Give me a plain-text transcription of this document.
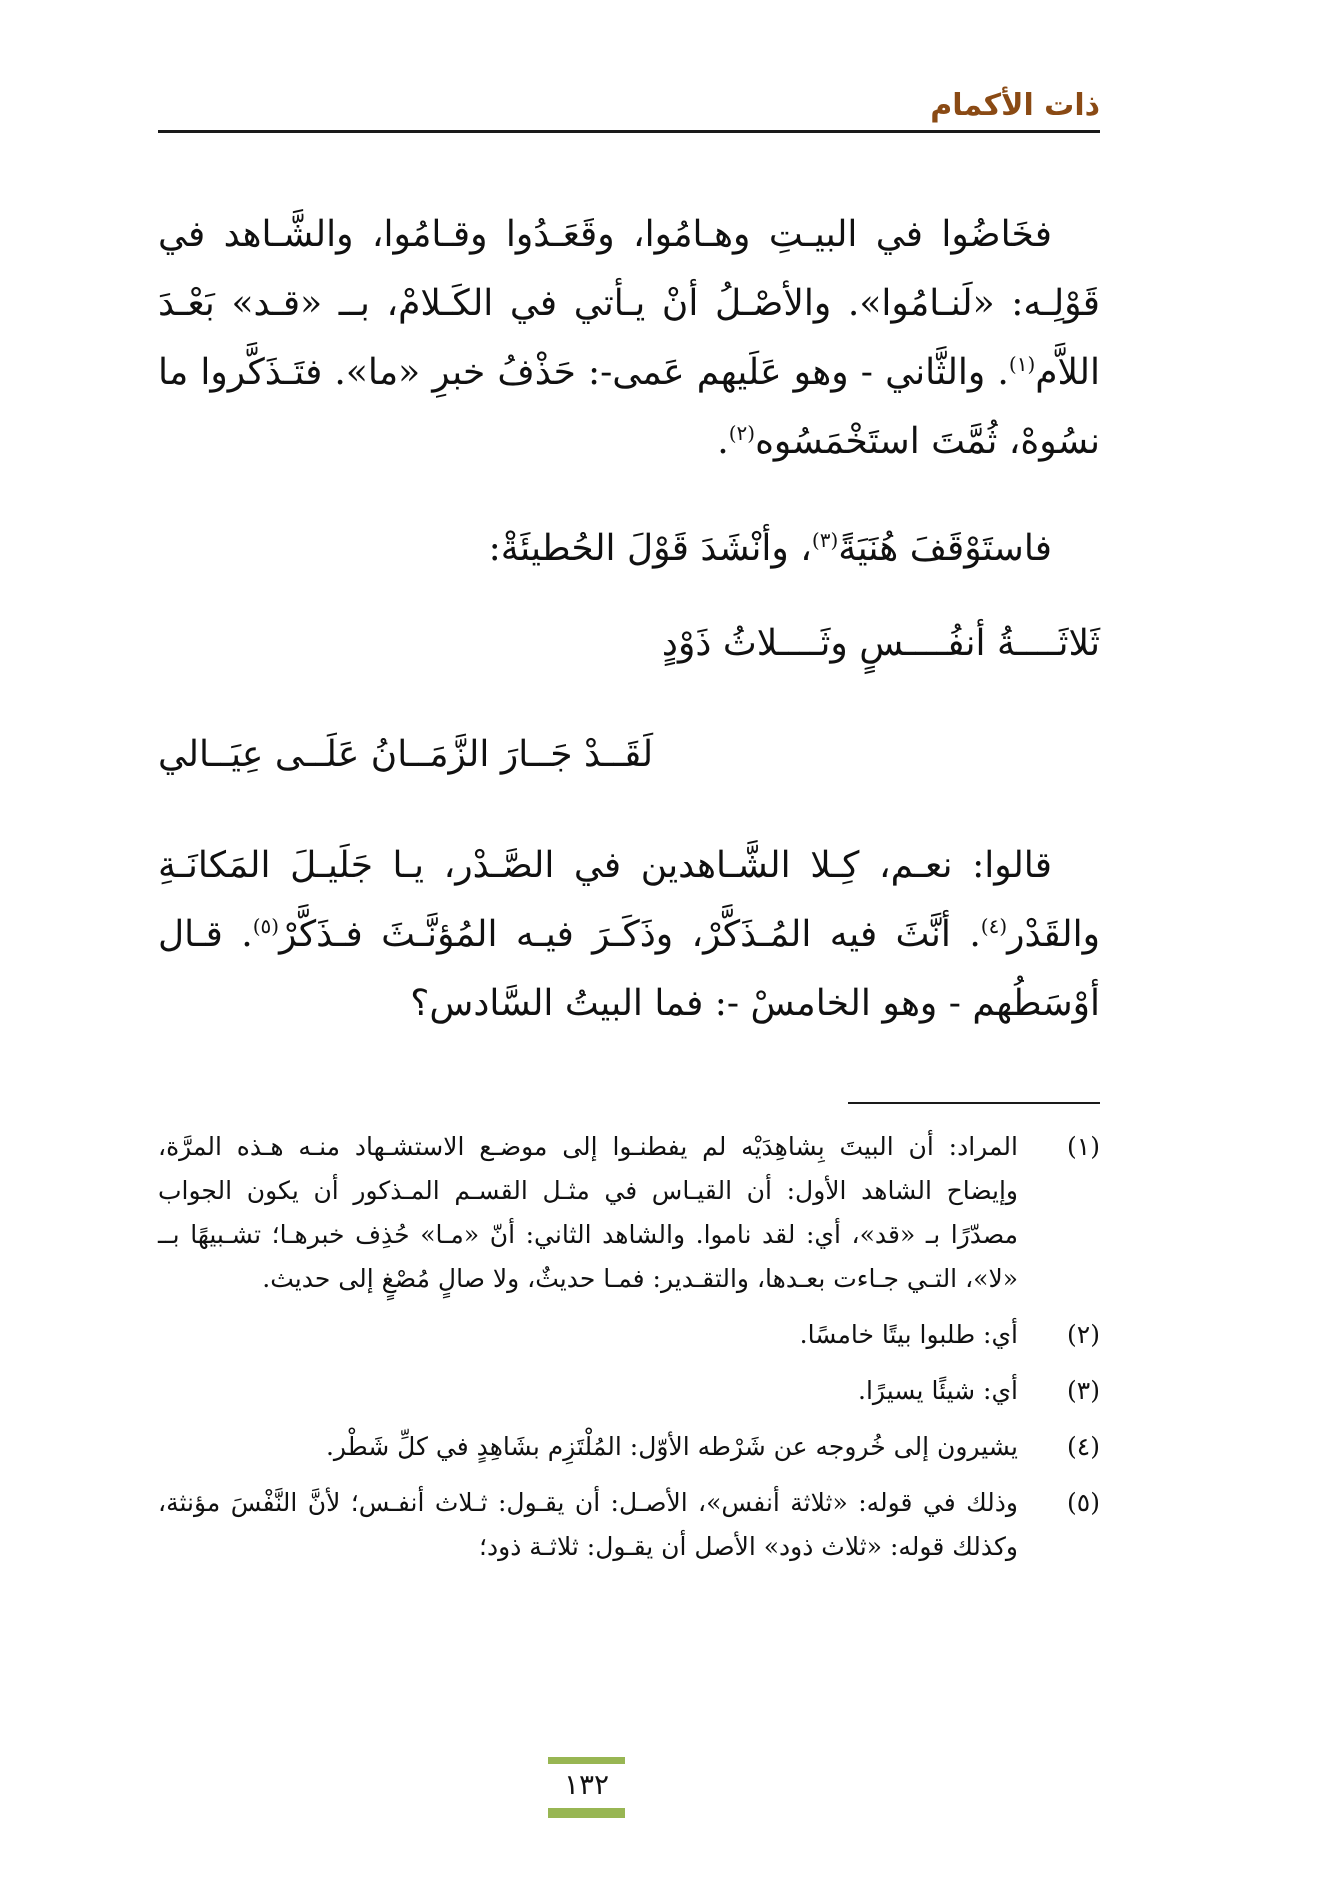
ذات الأكمام

فخَاضُوا في البيـتِ وهـامُوا، وقَعَـدُوا وقـامُوا، والشَّـاهد في قَوْلِـه: «لَنـامُوا». والأصْـلُ أنْ يـأتي في الكَـلامْ، بــ «قـد» بَعْـدَ اللاَّم$^{(١)}$. والثَّاني - وهو عَلَيهم عَمى-: حَذْفُ خبرِ «ما». فتَـذَكَّروا ما نسُوهْ، ثُمَّتَ استَخْمَسُوه$^{(٢)}$.

فاستَوْقَفَ هُنَيَةً$^{(٣)}$، وأنْشَدَ قَوْلَ الحُطيئَةْ:

ثَلاثَــــةُ أنفُــــسٍ وثَــــلاثُ ذَوْدٍ

لَقَــدْ جَــارَ الزَّمَــانُ عَلَــى عِيَــالي

قالوا: نعـم، كِـلا الشَّـاهدين في الصَّـدْر، يـا جَلَيـلَ المَكانَـةِ والقَدْر$^{(٤)}$. أنَّثَ فيه المُـذَكَّرْ، وذَكَـرَ فيـه المُؤنَّـثَ فـذَكَّرْ$^{(٥)}$. قـال أوْسَطُهم - وهو الخامسْ -: فما البيتُ السَّادس؟

(١)
المراد: أن البيتَ بِشاهِدَيْه لم يفطنـوا إلى موضـع الاستشـهاد منـه هـذه المرَّة، وإيضاح الشاهد الأول: أن القيـاس في مثـل القسـم المـذكور أن يكون الجواب مصدّرًا بـ «قد»، أي: لقد ناموا. والشاهد الثاني: أنّ «مـا» حُذِف خبرهـا؛ تشـبيهًا بــ «لا»، التـي جـاءت بعـدها، والتقـدير: فمـا حديثٌ، ولا صالٍ مُصْغٍ إلى حديث.
(٢)
أي: طلبوا بيتًا خامسًا.
(٣)
أي: شيئًا يسيرًا.
(٤)
يشيرون إلى خُروجه عن شَرْطه الأوّل: المُلْتَزِم بشَاهِدٍ في كلِّ شَطْر.
(٥)
وذلك في قوله: «ثلاثة أنفس»، الأصـل: أن يقـول: ثـلاث أنفـس؛ لأنَّ النَّفْسَ مؤنثة، وكذلك قوله: «ثلاث ذود» الأصل أن يقـول: ثلاثـة ذود؛
١٣٢
